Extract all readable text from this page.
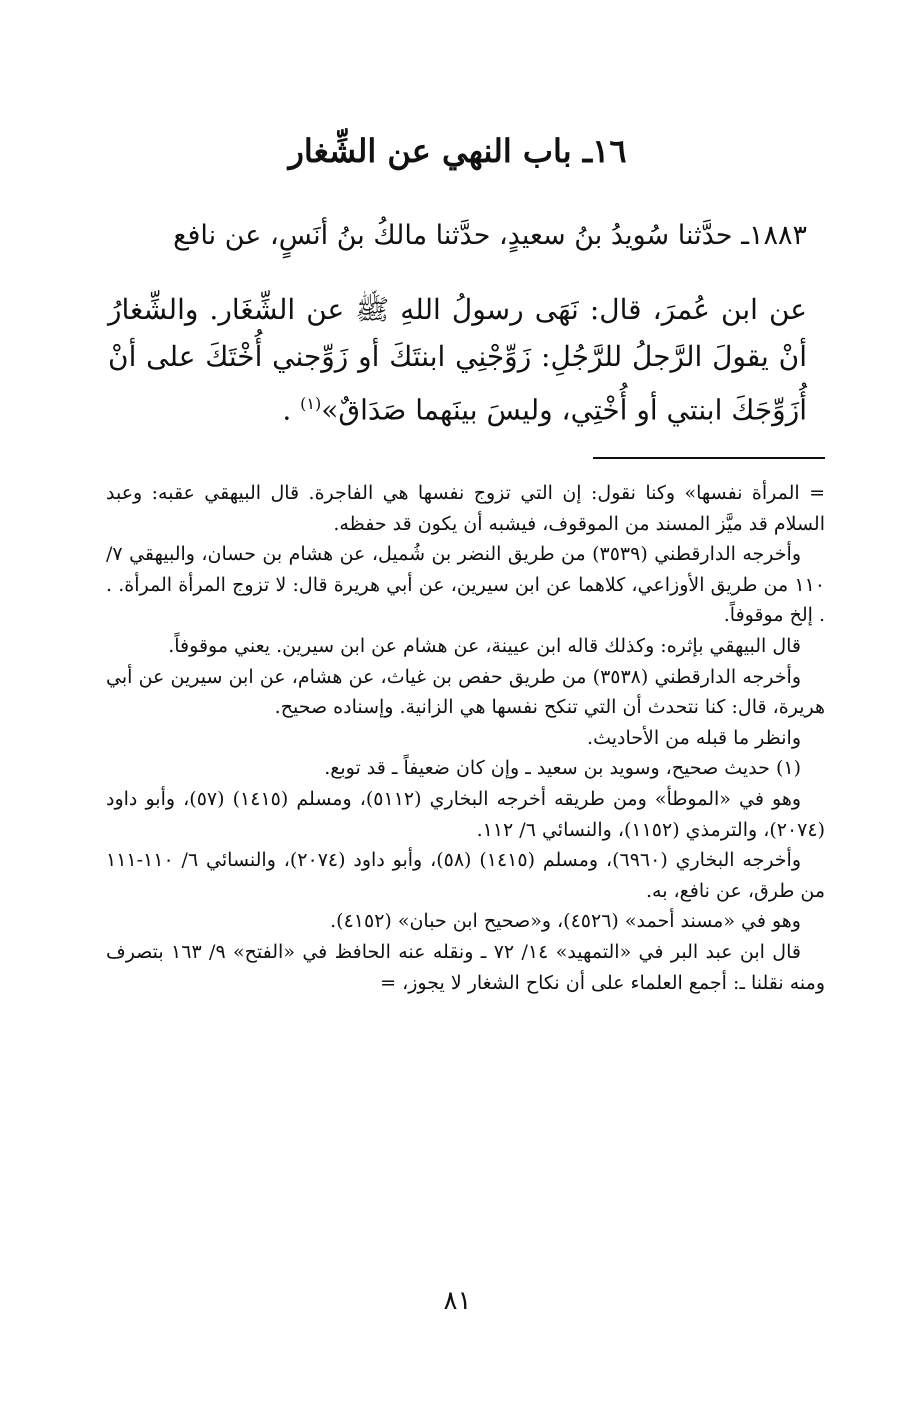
١٦ـ باب النهي عن الشِّغار

١٨٨٣ـ حدَّثنا سُويدُ بنُ سعيدٍ، حدَّثنا مالكُ بنُ أنَسٍ، عن نافع

عن ابن عُمرَ، قال: نَهَى رسولُ اللهِ ﷺ عن الشِّغَار. والشِّغارُ أنْ يقولَ الرَّجلُ للرَّجُلِ: زَوِّجْنِي ابنتَكَ أو زَوِّجني أُخْتَكَ على أنْ أُزَوِّجَكَ ابنتي أو أُخْتِي، وليسَ بينَهما صَدَاقٌ»$^{(١)}$ .

= المرأة نفسها» وكنا نقول: إن التي تزوج نفسها هي الفاجرة. قال البيهقي عقبه: وعبد السلام قد ميَّز المسند من الموقوف، فيشبه أن يكون قد حفظه.

وأخرجه الدارقطني (٣٥٣٩) من طريق النضر بن شُميل، عن هشام بن حسان، والبيهقي ٧/ ١١٠ من طريق الأوزاعي، كلاهما عن ابن سيرين، عن أبي هريرة قال: لا تزوج المرأة المرأة. . . إلخ موقوفاً.

قال البيهقي بإثره: وكذلك قاله ابن عيينة، عن هشام عن ابن سيرين. يعني موقوفاً.

وأخرجه الدارقطني (٣٥٣٨) من طريق حفص بن غياث، عن هشام، عن ابن سيرين عن أبي هريرة، قال: كنا نتحدث أن التي تنكح نفسها هي الزانية. وإسناده صحيح.

وانظر ما قبله من الأحاديث.

(١) حديث صحيح، وسويد بن سعيد ـ وإن كان ضعيفاً ـ قد توبع.

وهو في «الموطأ» ومن طريقه أخرجه البخاري (٥١١٢)، ومسلم (١٤١٥) (٥٧)، وأبو داود (٢٠٧٤)، والترمذي (١١٥٢)، والنسائي ٦/ ١١٢.

وأخرجه البخاري (٦٩٦٠)، ومسلم (١٤١٥) (٥٨)، وأبو داود (٢٠٧٤)، والنسائي ٦/ ١١٠-١١١ من طرق، عن نافع، به.

وهو في «مسند أحمد» (٤٥٢٦)، و«صحيح ابن حبان» (٤١٥٢).

قال ابن عبد البر في «التمهيد» ١٤/ ٧٢ ـ ونقله عنه الحافظ في «الفتح» ٩/ ١٦٣ بتصرف ومنه نقلنا ـ: أجمع العلماء على أن نكاح الشغار لا يجوز، =

٨١
